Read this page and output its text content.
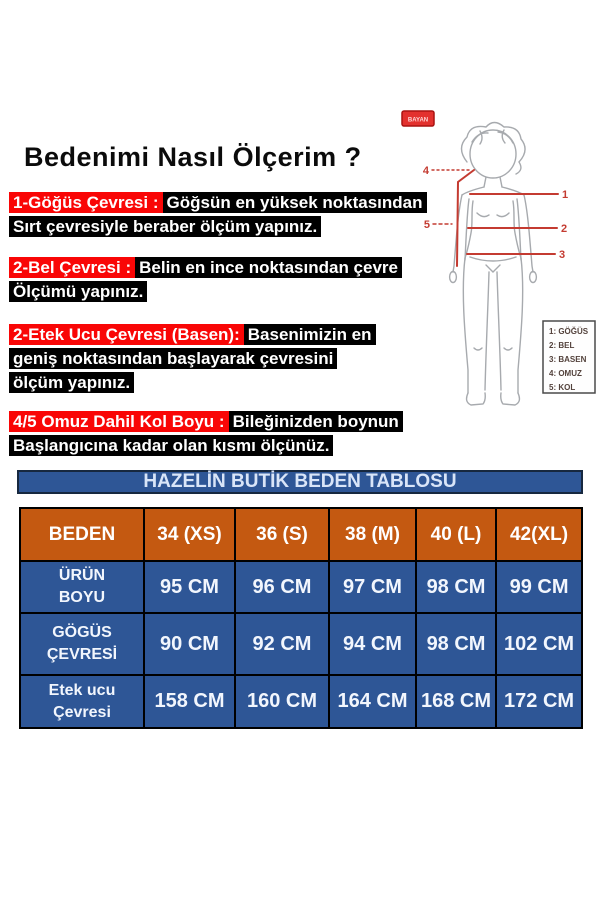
Bedenimi Nasıl Ölçerim ?
1-Göğüs Çevresi : Göğsün en yüksek noktasından
Sırt çevresiyle beraber ölçüm yapınız.
2-Bel Çevresi : Belin en ince noktasından çevre
Ölçümü yapınız.
2-Etek Ucu Çevresi (Basen): Basenimizin en
geniş noktasından başlayarak çevresini
ölçüm yapınız.
4/5 Omuz Dahil Kol Boyu : Bileğinizden boynun
Başlangıcına kadar olan kısmı ölçünüz.
BAYAN
4
5
1
2
3
1: GÖĞÜS
2: BEL
3: BASEN
4: OMUZ
5: KOL
HAZELİN BUTİK BEDEN TABLOSU
BEDEN	34 (XS)	36 (S)	38 (M)	40 (L)	42(XL)
ÜRÜN BOYU	95 CM	96 CM	97 CM	98 CM	99 CM
GÖGÜS ÇEVRESİ	90 CM	92 CM	94 CM	98 CM	102 CM
Etek ucu Çevresi	158 CM	160 CM	164 CM	168 CM	172 CM
